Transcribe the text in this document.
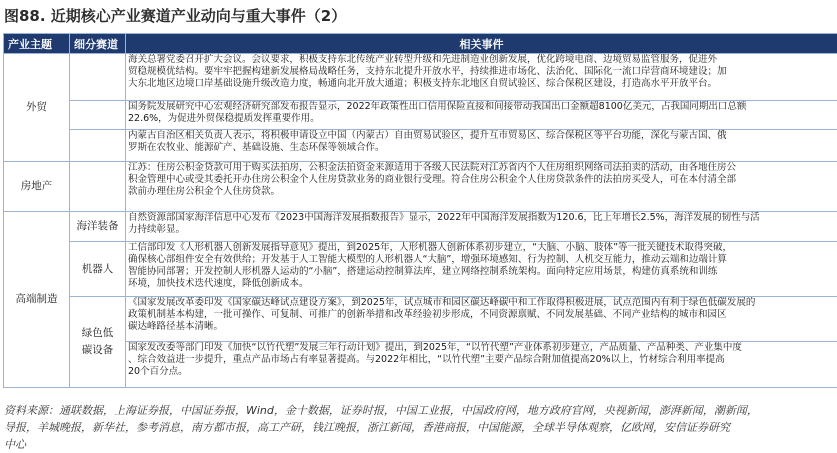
图88. 近期核心产业赛道产业动向与重大事件（2）
产业主题	细分赛道	相关事件
外贸		海关总署党委召开扩大会议。会议要求，积极支持东北传统产业转型升级和先进制造业创新发展，优化跨境电商、边境贸易监管服务，促进外
贸稳规模优结构。要牢牢把握构建新发展格局战略任务，支持东北提升开放水平，持续推进市场化、法治化、国际化一流口岸营商环境建设；加
大东北地区边境口岸基础设施升级改造力度，畅通向北开放大通道；积极支持东北地区自贸试验区、综合保税区建设，打造高水平开放平台。

		国务院发展研究中心宏观经济研究部发布报告显示，2022年政策性出口信用保险直接和间接带动我国出口金额超8100亿美元，占我国同期出口总额
22.6%，为促进外贸保稳提质发挥重要作用。

		内蒙古自治区相关负责人表示，将积极申请设立中国（内蒙古）自由贸易试验区，提升互市贸易区、综合保税区等平台功能，深化与蒙古国、俄
罗斯在农牧业、能源矿产、基础设施、生态环保等领域合作。

房地产		江苏：住房公积金贷款可用于购买法拍房，公积金法拍资金来源适用于各级人民法院对江苏省内个人住房组织网络司法拍卖的活动，由各地住房公
积金管理中心或受其委托开办住房公积金个人住房贷款业务的商业银行受理。符合住房公积金个人住房贷款条件的法拍房买受人，可在本付清全部
款前办理住房公积金个人住房贷款。

高端制造	海洋装备	自然资源部国家海洋信息中心发布《2023中国海洋发展指数报告》显示，2022年中国海洋发展指数为120.6，比上年增长2.5%，海洋发展的韧性与活
力持续彰显。

	机器人	工信部印发《人形机器人创新发展指导意见》提出，到2025年，人形机器人创新体系初步建立，“大脑、小脑、肢体”等一批关键技术取得突破，
确保核心部组件安全有效供给；开发基于人工智能大模型的人形机器人“大脑”，增强环境感知、行为控制、人机交互能力，推动云端和边端计算
智能协同部署；开发控制人形机器人运动的“小脑”，搭建运动控制算法库，建立网络控制系统架构。面向特定应用场景，构建仿真系统和训练
环境，加快技术迭代速度，降低创新成本。

	绿色低碳设备	《国家发展改革委印发《国家碳达峰试点建设方案》，到2025年，试点城市和园区碳达峰碳中和工作取得积极进展，试点范围内有利于绿色低碳发展的
政策机制基本构建，一批可操作、可复制、可推广的创新举措和改革经验初步形成，不同资源禀赋、不同发展基础、不同产业结构的城市和园区
碳达峰路径基本清晰。

		国家发改委等部门印发《加快“以竹代塑”发展三年行动计划》提出，到2025年，“以竹代塑”产业体系初步建立，产品质量、产品种类、产业集中度
、综合效益进一步提升，重点产品市场占有率显著提高。与2022年相比，“以竹代塑”主要产品综合附加值提高20%以上，竹材综合利用率提高
20个百分点。
资料来源：通联数据，上海证券报，中国证券报，Wind，金十数据，证券时报，中国工业报，中国政府网，地方政府官网，央视新闻，澎湃新闻，潮新闻，
导报，羊城晚报，新华社，参考消息，南方都市报，高工产研，钱江晚报，浙江新闻，香港商报，中国能源，全球半导体观察，亿欧网，安信证券研究
中心
